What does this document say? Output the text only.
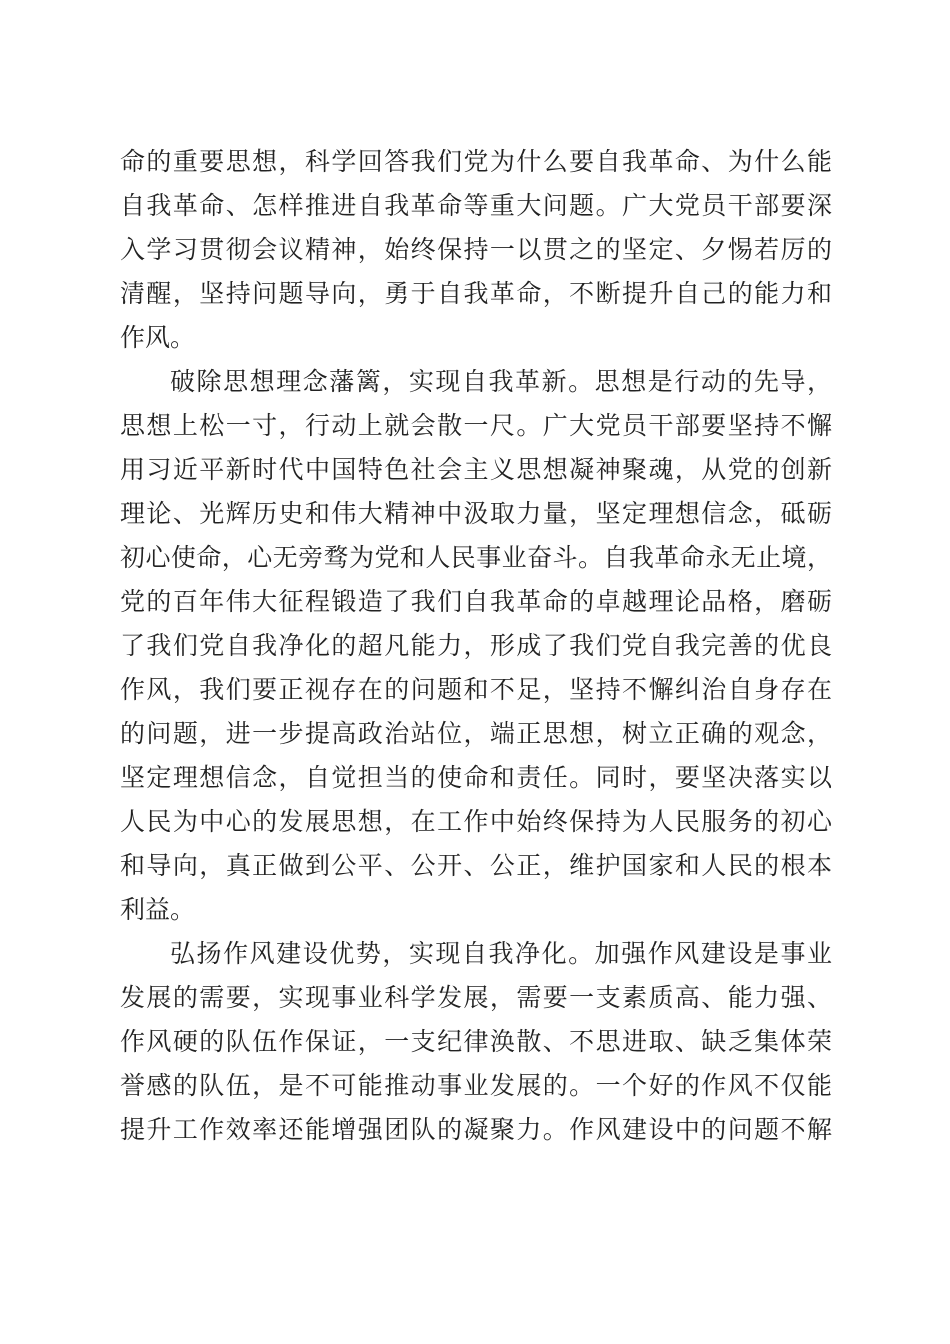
命的重要思想，科学回答我们党为什么要自我革命、为什么能
自我革命、怎样推进自我革命等重大问题。广大党员干部要深
入学习贯彻会议精神，始终保持一以贯之的坚定、夕惕若厉的
清醒，坚持问题导向，勇于自我革命，不断提升自己的能力和
作风。
破除思想理念藩篱，实现自我革新。思想是行动的先导，
思想上松一寸，行动上就会散一尺。广大党员干部要坚持不懈
用习近平新时代中国特色社会主义思想凝神聚魂，从党的创新
理论、光辉历史和伟大精神中汲取力量，坚定理想信念，砥砺
初心使命，心无旁骛为党和人民事业奋斗。自我革命永无止境，
党的百年伟大征程锻造了我们自我革命的卓越理论品格，磨砺
了我们党自我净化的超凡能力，形成了我们党自我完善的优良
作风，我们要正视存在的问题和不足，坚持不懈纠治自身存在
的问题，进一步提高政治站位，端正思想，树立正确的观念，
坚定理想信念，自觉担当的使命和责任。同时，要坚决落实以
人民为中心的发展思想，在工作中始终保持为人民服务的初心
和导向，真正做到公平、公开、公正，维护国家和人民的根本
利益。
弘扬作风建设优势，实现自我净化。加强作风建设是事业
发展的需要，实现事业科学发展，需要一支素质高、能力强、
作风硬的队伍作保证，一支纪律涣散、不思进取、缺乏集体荣
誉感的队伍，是不可能推动事业发展的。一个好的作风不仅能
提升工作效率还能增强团队的凝聚力。作风建设中的问题不解
